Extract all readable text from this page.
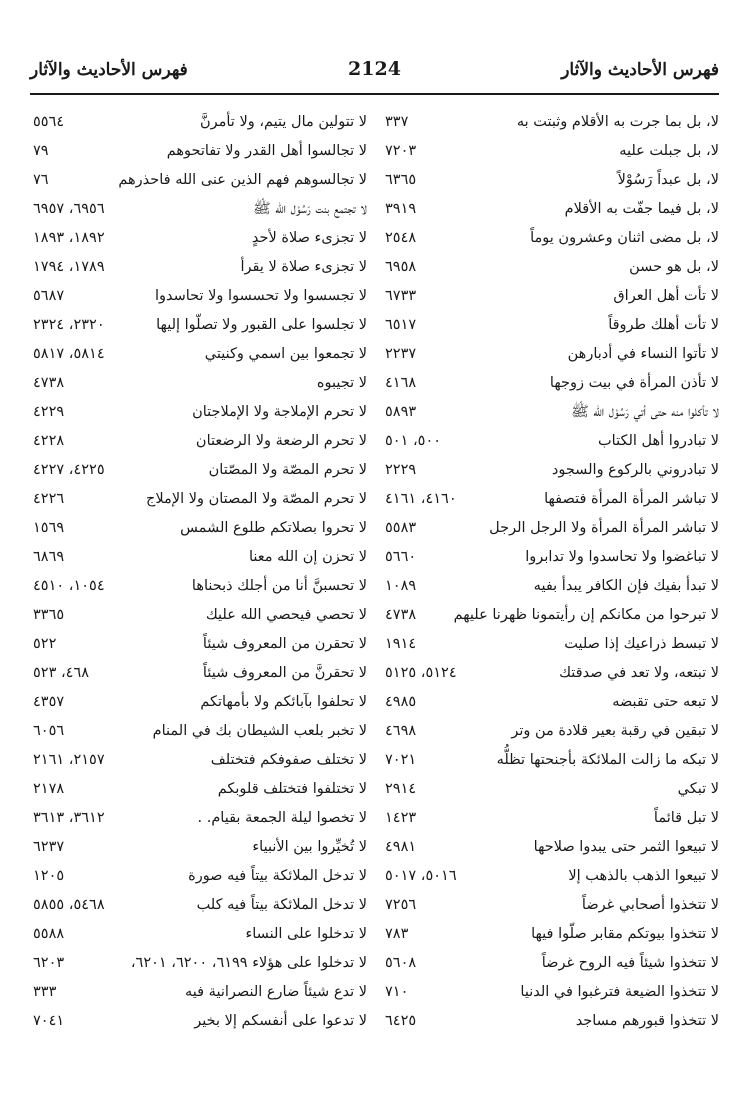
فهرس الأحاديث والآثار
2124
فهرس الأحاديث والآثار
لا، بل بما جرت به الأقلام وثبتت به
٣٣٧
لا، بل جبلت عليه
٧٢٠٣
لا، بل عبداً رَسُوْلاً
٦٣٦٥
لا، بل فيما جفّت به الأقلام
٣٩١٩
لا، بل مضى اثنان وعشرون يوماً
٢٥٤٨
لا، بل هو حسن
٦٩٥٨
لا تأت أهل العراق
٦٧٣٣
لا تأت أهلك طروقاً
٦٥١٧
لا تأتوا النساء في أدبارهن
٢٢٣٧
لا تأذن المرأة في بيت زوجها
٤١٦٨
لا تأكلوا منه حتى أتي رَسُوْل الله ﷺ
٥٨٩٣
لا تبادروا أهل الكتاب
٥٠٠، ٥٠١
لا تبادروني بالركوع والسجود
٢٢٢٩
لا تباشر المرأة المرأة فتصفها
٤١٦٠، ٤١٦١
لا تباشر المرأة المرأة ولا الرجل الرجل
٥٥٨٣
لا تباغضوا ولا تحاسدوا ولا تدابروا
٥٦٦٠
لا تبدأ بفيك فإن الكافر يبدأ بفيه
١٠٨٩
لا تبرحوا من مكانكم إن رأيتمونا ظهرنا عليهم
٤٧٣٨
لا تبسط ذراعيك إذا صليت
١٩١٤
لا تبتعه، ولا تعد في صدقتك
٥١٢٤، ٥١٢٥
لا تبعه حتى تقبضه
٤٩٨٥
لا تبقين في رقبة بعير قلادة من وتر
٤٦٩٨
لا تبكه ما زالت الملائكة بأجنحتها تظلُّه
٧٠٢١
لا تبكي
٢٩١٤
لا تبل قائماً
١٤٢٣
لا تبيعوا الثمر حتى يبدوا صلاحها
٤٩٨١
لا تبيعوا الذهب بالذهب إلا
٥٠١٦، ٥٠١٧
لا تتخذوا أصحابي غرضاً
٧٢٥٦
لا تتخذوا بيوتكم مقابر صلّوا فيها
٧٨٣
لا تتخذوا شيئاً فيه الروح غرضاً
٥٦٠٨
لا تتخذوا الضيعة فترغبوا في الدنيا
٧١٠
لا تتخذوا قبورهم مساجد
٦٤٢٥
لا تتولين مال يتيم، ولا تأمرنَّ
٥٥٦٤
لا تجالسوا أهل القدر ولا تفاتحوهم
٧٩
لا تجالسوهم فهم الذين عنى الله فاحذرهم
٧٦
لا تجتمع بنت رَسُوْل الله ﷺ
٦٩٥٦، ٦٩٥٧
لا تجزىء صلاة لأحدٍ
١٨٩٢، ١٨٩٣
لا تجزىء صلاة لا يقرأ
١٧٨٩، ١٧٩٤
لا تجسسوا ولا تحسسوا ولا تحاسدوا
٥٦٨٧
لا تجلسوا على القبور ولا تصلّوا إليها
٢٣٢٠، ٢٣٢٤
لا تجمعوا بين اسمي وكنيتي
٥٨١٤، ٥٨١٧
لا تجيبوه
٤٧٣٨
لا تحرم الإملاجة ولا الإملاجتان
٤٢٢٩
لا تحرم الرضعة ولا الرضعتان
٤٢٢٨
لا تحرم المصّة ولا المصّتان
٤٢٢٥، ٤٢٢٧
لا تحرم المصّة ولا المصتان ولا الإملاج
٤٢٢٦
لا تحروا بصلاتكم طلوع الشمس
١٥٦٩
لا تحزن إن الله معنا
٦٨٦٩
لا تحسبنَّ أنا من أجلك ذبحناها
١٠٥٤، ٤٥١٠
لا تحصي فيحصي الله عليك
٣٣٦٥
لا تحقرن من المعروف شيئاً
٥٢٢
لا تحقرنَّ من المعروف شيئاً
٤٦٨، ٥٢٣
لا تحلفوا بآبائكم ولا بأمهاتكم
٤٣٥٧
لا تخبر بلعب الشيطان بك في المنام
٦٠٥٦
لا تختلف صفوفكم فتختلف
٢١٥٧، ٢١٦١
لا تختلفوا فتختلف قلوبكم
٢١٧٨
لا تخصوا ليلة الجمعة بقيام. .
٣٦١٢، ٣٦١٣
لا تُخيِّروا بين الأنبياء
٦٢٣٧
لا تدخل الملائكة بيتاً فيه صورة
١٢٠٥
لا تدخل الملائكة بيتاً فيه كلب
٥٤٦٨، ٥٨٥٥
لا تدخلوا على النساء
٥٥٨٨
لا تدخلوا على هؤلاء ٦١٩٩، ٦٢٠٠، ٦٢٠١،
٦٢٠٣
لا تدع شيئاً ضارع النصرانية فيه
٣٣٣
لا تدعوا على أنفسكم إلا بخير
٧٠٤١
